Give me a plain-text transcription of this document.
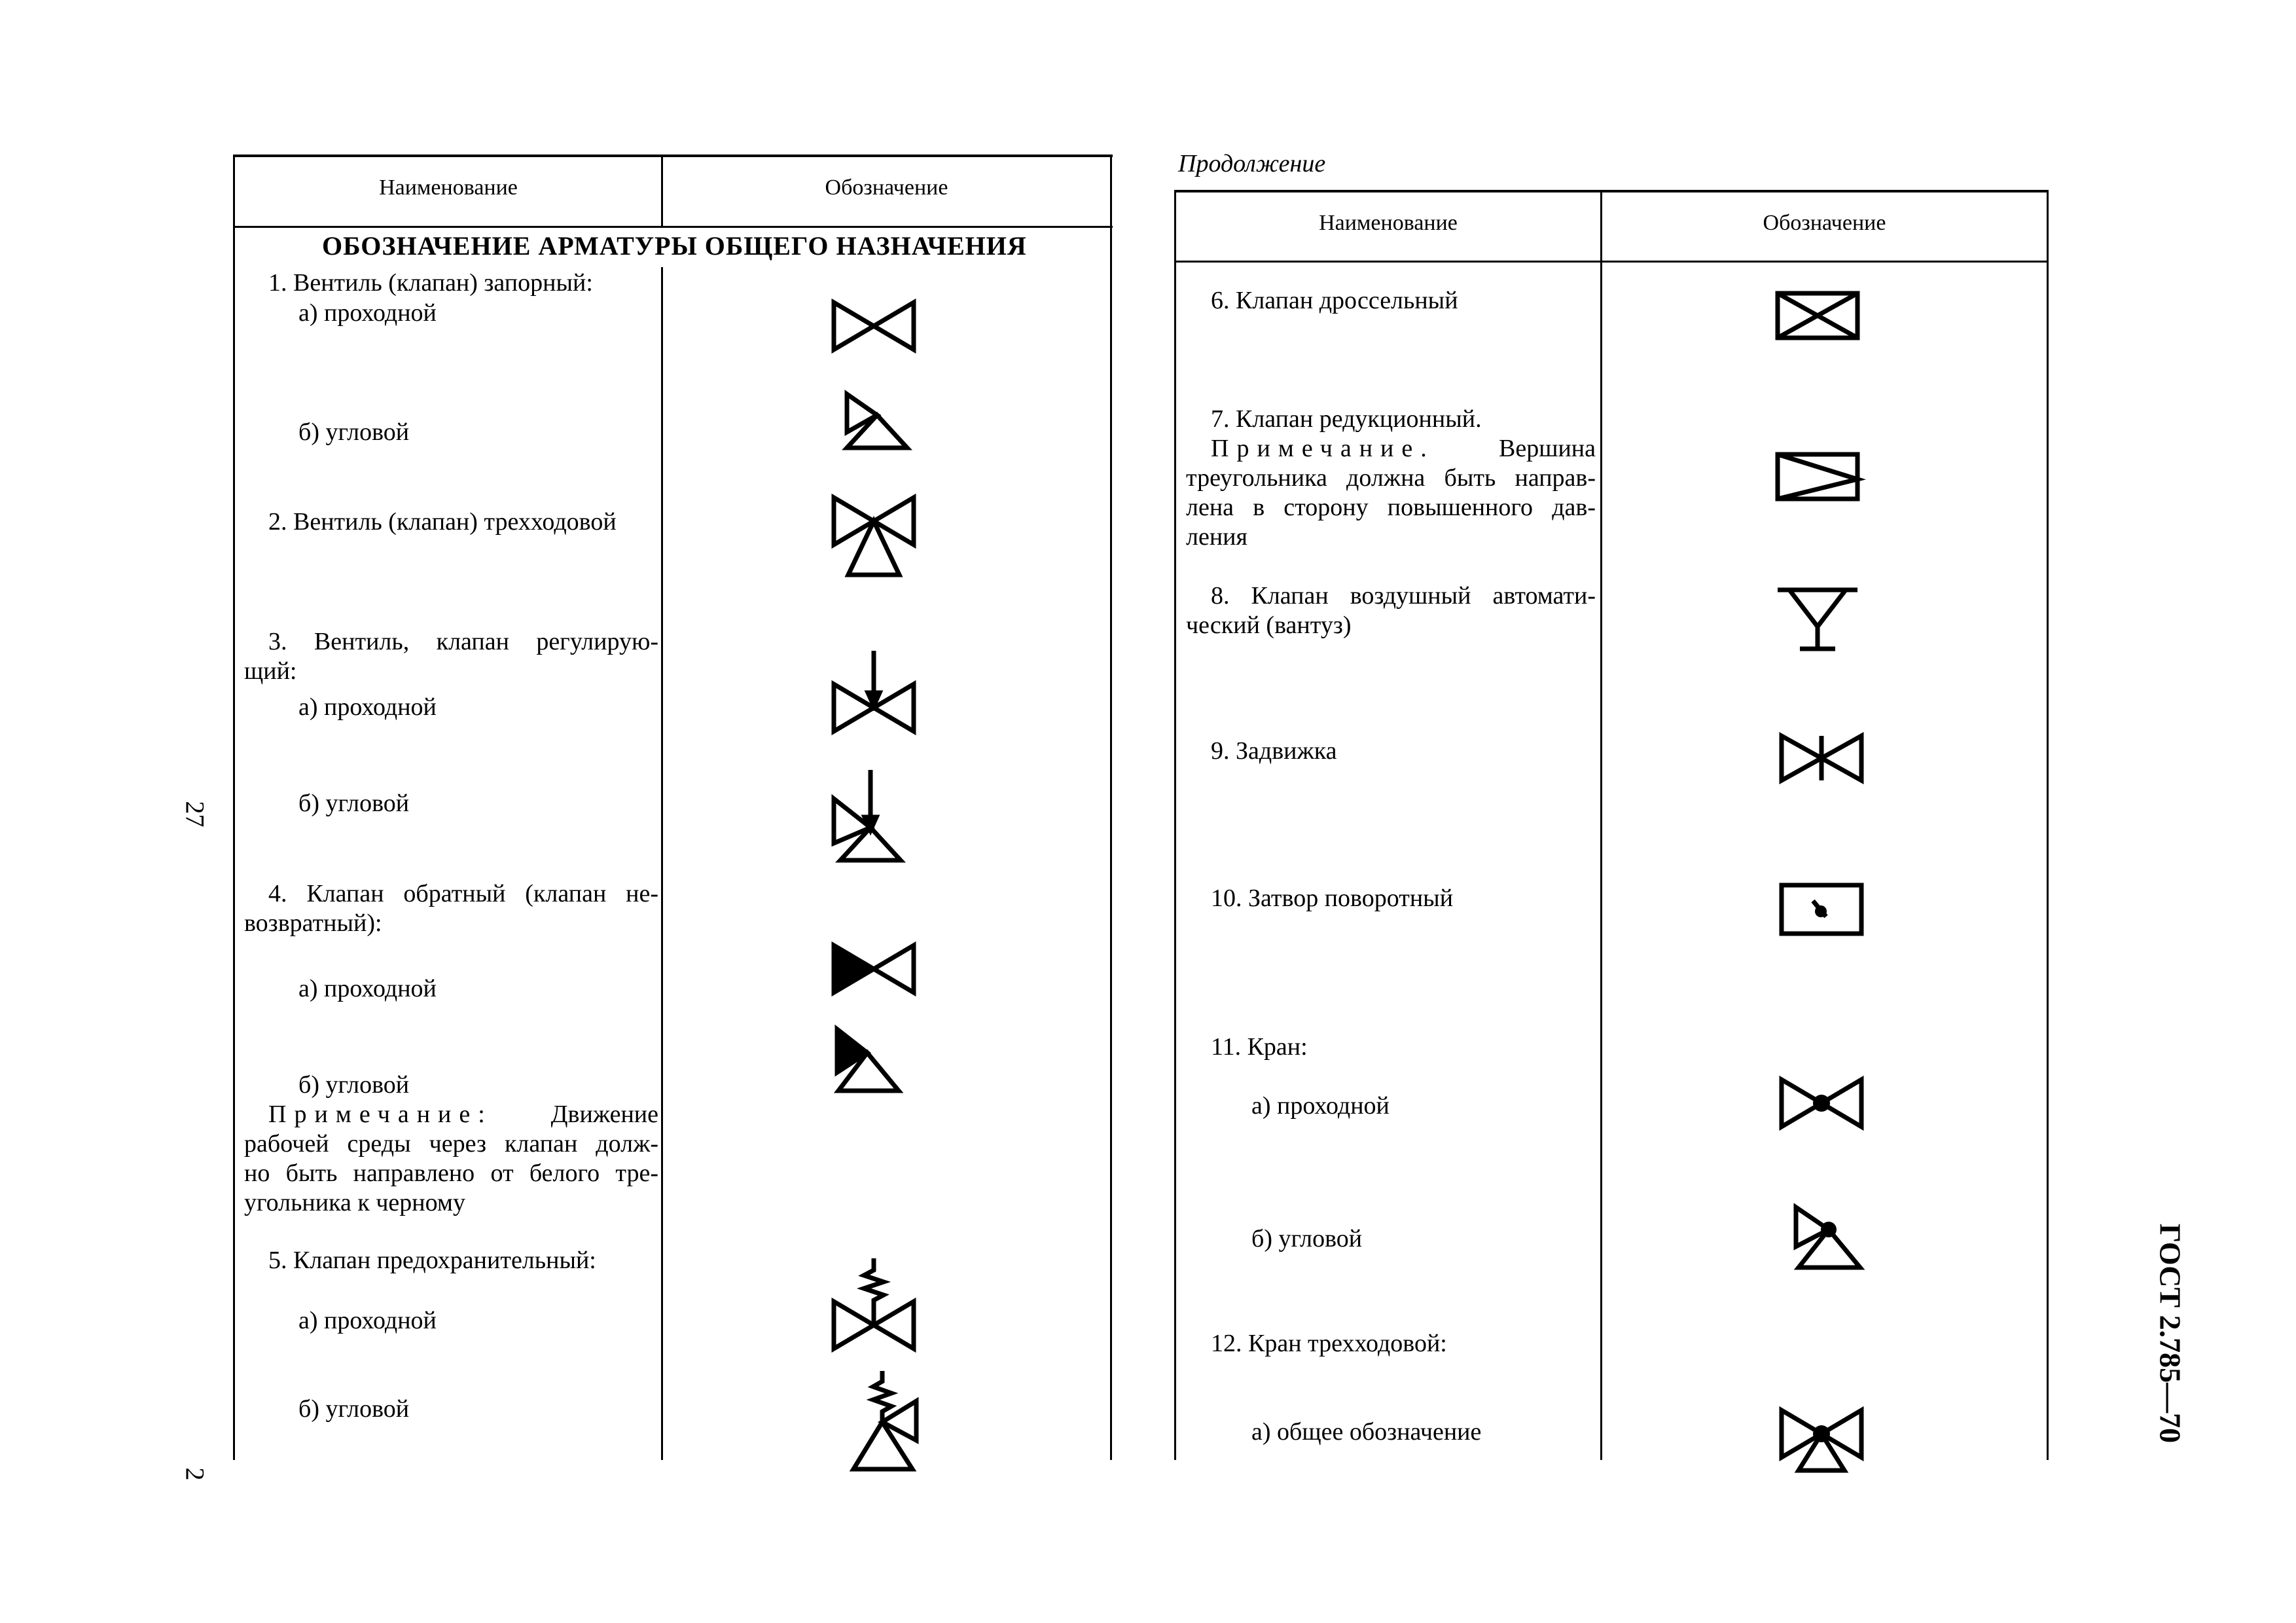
Наименование	Обозначение
ОБОЗНАЧЕНИЕ АРМАТУРЫ ОБЩЕГО НАЗНАЧЕНИЯ
1. Вентиль (клапан) запорный:
а) проходной
б) угловой
2. Вентиль (клапан) трехходовой
3. Вентиль, клапан регулирую-
щий:
а) проходной
б) угловой
4. Клапан обратный (клапан не-
возвратный):
а) проходной
б) угловой
Примечание: Движение
рабочей среды через клапан долж-
но быть направлено от белого тре-
угольника к черному
5. Клапан предохранительный:
а) проходной
б) угловой
Продолжение
Наименование	Обозначение
6. Клапан дроссельный
7. Клапан редукционный.
Примечание. Вершина
треугольника должна быть направ-
лена в сторону повышенного дав-
ления
8. Клапан воздушный автомати-
ческий (вантуз)
9. Задвижка
10. Затвор поворотный
11. Кран:
а) проходной
б) угловой
12. Кран трехходовой:
а) общее обозначение
27
2
ГОСТ 2.785—70
